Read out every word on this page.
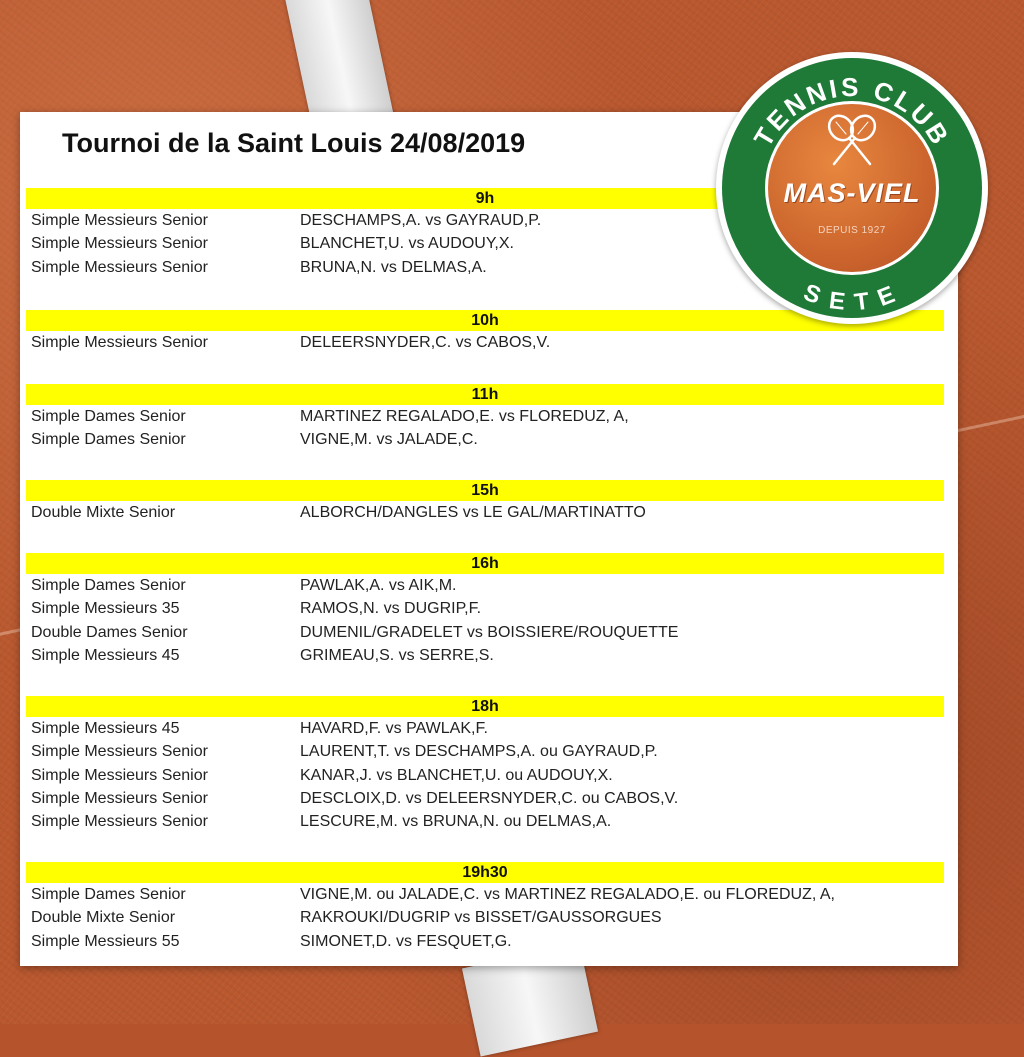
Tournoi de la Saint Louis 24/08/2019
9h
Simple Messieurs Senior	DESCHAMPS,A. vs GAYRAUD,P.
Simple Messieurs Senior	BLANCHET,U. vs AUDOUY,X.
Simple Messieurs Senior	BRUNA,N. vs DELMAS,A.
10h
Simple Messieurs Senior	DELEERSNYDER,C. vs CABOS,V.
11h
Simple Dames Senior	MARTINEZ REGALADO,E. vs FLOREDUZ, A,
Simple Dames Senior	VIGNE,M. vs JALADE,C.
15h
Double Mixte Senior	ALBORCH/DANGLES vs LE GAL/MARTINATTO
16h
Simple Dames Senior	PAWLAK,A. vs AIK,M.
Simple Messieurs 35	RAMOS,N. vs DUGRIP,F.
Double Dames Senior	DUMENIL/GRADELET vs BOISSIERE/ROUQUETTE
Simple Messieurs 45	GRIMEAU,S. vs SERRE,S.
18h
Simple Messieurs 45	HAVARD,F. vs PAWLAK,F.
Simple Messieurs Senior	LAURENT,T. vs DESCHAMPS,A. ou GAYRAUD,P.
Simple Messieurs Senior	KANAR,J. vs BLANCHET,U. ou AUDOUY,X.
Simple Messieurs Senior	DESCLOIX,D. vs DELEERSNYDER,C. ou CABOS,V.
Simple Messieurs Senior	LESCURE,M. vs BRUNA,N. ou DELMAS,A.
19h30
Simple Dames Senior	VIGNE,M. ou JALADE,C. vs MARTINEZ REGALADO,E. ou FLOREDUZ, A,
Double Mixte Senior	RAKROUKI/DUGRIP vs BISSET/GAUSSORGUES
Simple Messieurs 55	SIMONET,D. vs FESQUET,G.
TENNIS CLUB
SETE
MAS-VIEL
DEPUIS 1927
